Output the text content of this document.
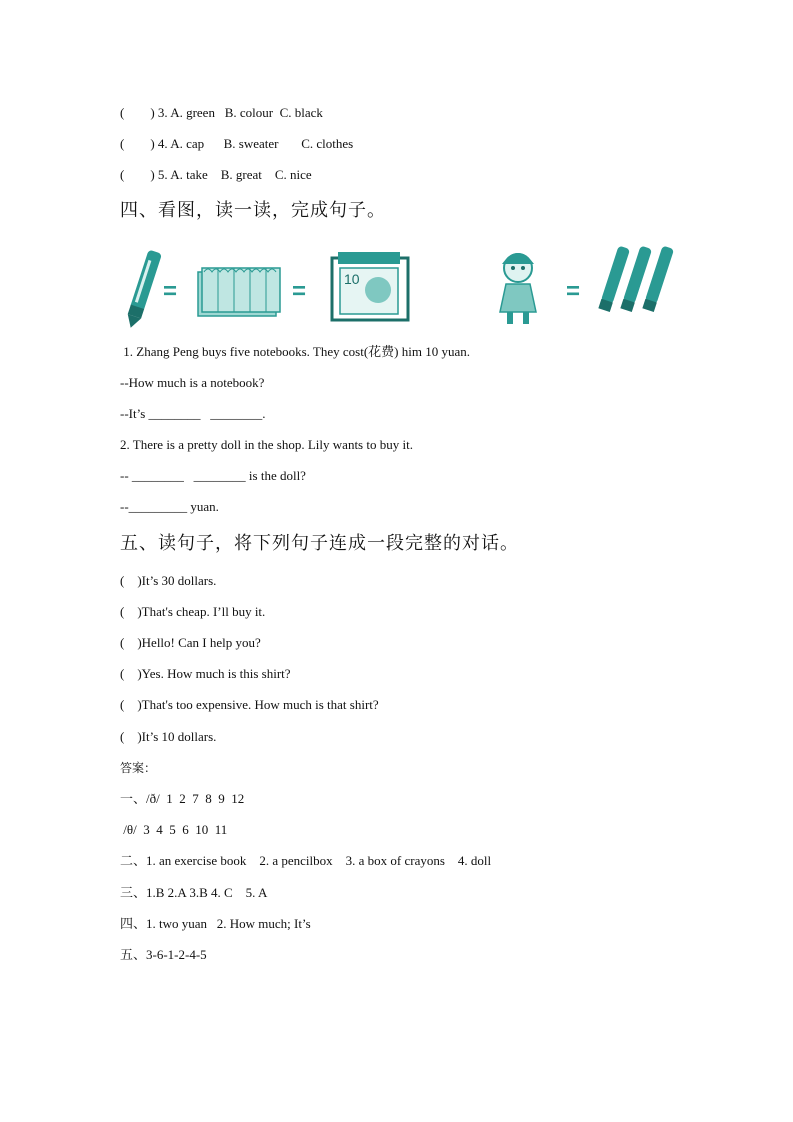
(        ) 3. A. green   B. colour  C. black
(        ) 4. A. cap      B. sweater       C. clothes
(        ) 5. A. take    B. great    C. nice
四、看图，读一读，完成句子。
10
=	=	=
1. Zhang Peng buys five notebooks. They cost(花费) him 10 yuan.
--How much is a notebook?
--It’s ________   ________.
2. There is a pretty doll in the shop. Lily wants to buy it.
-- ________   ________ is the doll?
--_________ yuan.
五、读句子，将下列句子连成一段完整的对话。
(    )It’s 30 dollars.
(    )That's cheap. I’ll buy it.
(    )Hello! Can I help you?
(    )Yes. How much is this shirt?
(    )That's too expensive. How much is that shirt?
(    )It’s 10 dollars.
答案：
一、/ð/  1  2  7  8  9  12
/θ/  3  4  5  6  10  11
二、1. an exercise book    2. a pencilbox    3. a box of crayons    4. doll
三、1.B 2.A 3.B 4. C    5. A
四、1. two yuan   2. How much; It’s
五、3-6-1-2-4-5
